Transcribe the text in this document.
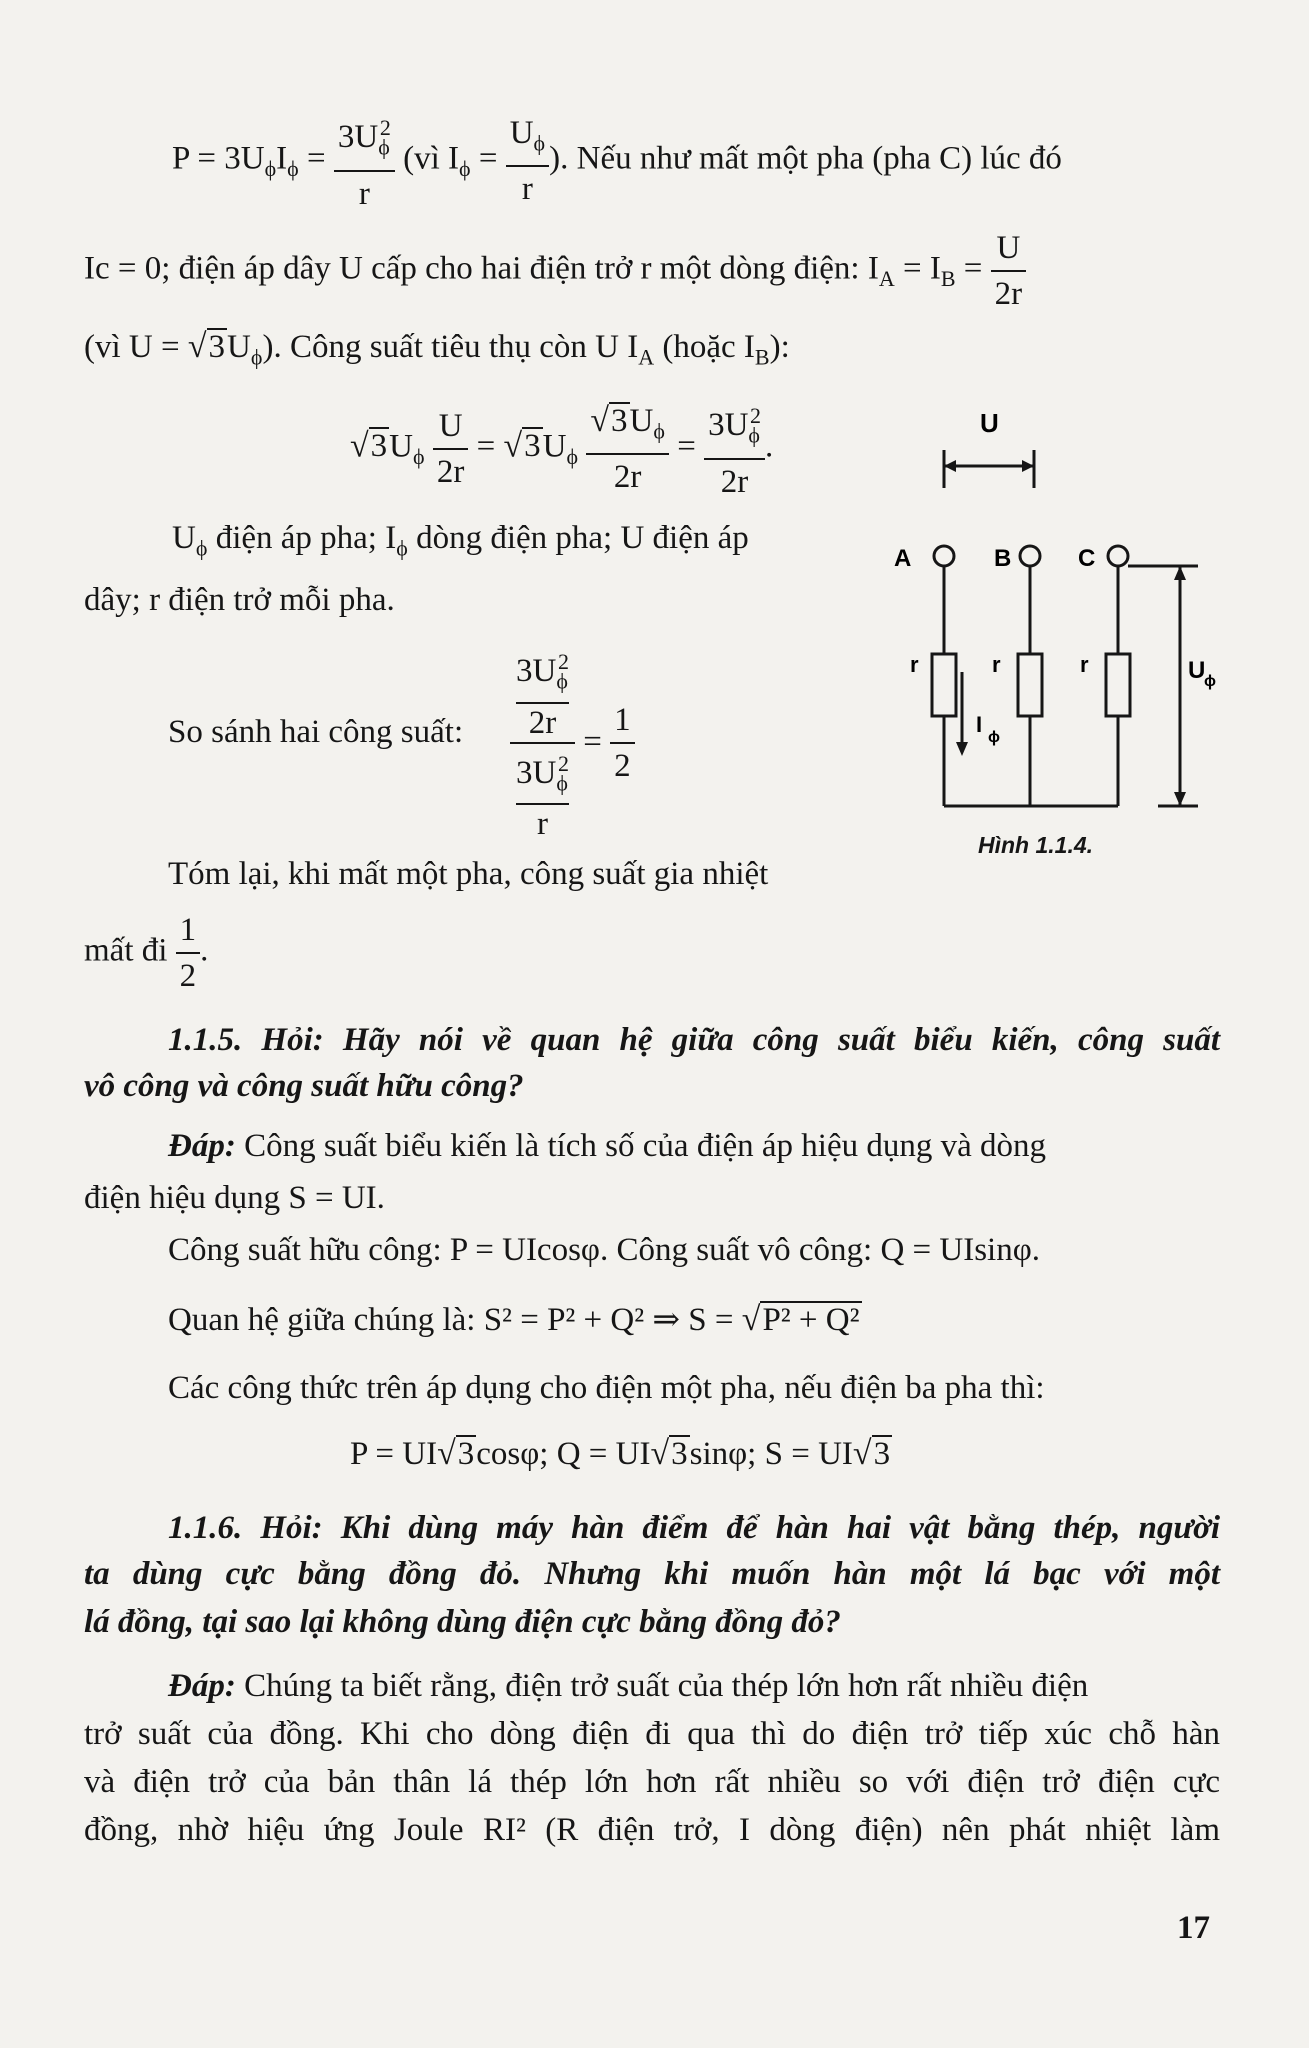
$P = 3U_\phi I_\phi = \frac{3U_\phi^2}{r}$ (vì $I_\phi = \frac{U_\phi}{r}$ ). Nếu như mất một pha (pha C) lúc đó
Ic = 0; điện áp dây U cấp cho hai điện trở r một dòng điện: $I_A = I_B = \frac{U}{2r}$
(vì $U = √3U_\phi$). Công suất tiêu thụ còn U $I_A$ (hoặc $I_B$):
$√3U_\phi \frac{U}{2r} = √3U_\phi \frac{√3U_\phi}{2r} = \frac{3U_\phi^2}{2r}$ .
$U_\phi$ điện áp pha; $I_\phi$ dòng điện pha; U điện áp
dây; r điện trở mỗi pha.
So sánh hai công suất: $3U_\phi^2$
2r
$3U_\phi^2$
$r = \frac{1}{2}$
Tóm lại, khi mất một pha, công suất gia nhiệt
mất đi $\frac{1}{2}$ .
U
A	B	C
r	r	r
I
ϕ
U
ϕ
Hình 1.1.4.
1.1.5. Hỏi: Hãy nói về quan hệ giữa công suất biểu kiến, công suất
vô công và công suất hữu công?
Đáp: Công suất biểu kiến là tích số của điện áp hiệu dụng và dòng
điện hiệu dụng S = UI.
Công suất hữu công: P = UIcosφ. Công suất vô công: Q = UIsinφ.
Quan hệ giữa chúng là: S² = P² + Q² ⇒ S = √P² + Q²
Các công thức trên áp dụng cho điện một pha, nếu điện ba pha thì:
P = UI√3cosφ; Q = UI√3sinφ; S = UI√3
1.1.6. Hỏi: Khi dùng máy hàn điểm để hàn hai vật bằng thép, người
ta dùng cực bằng đồng đỏ. Nhưng khi muốn hàn một lá bạc với một
lá đồng, tại sao lại không dùng điện cực bằng đồng đỏ?
Đáp: Chúng ta biết rằng, điện trở suất của thép lớn hơn rất nhiều điện
trở suất của đồng. Khi cho dòng điện đi qua thì do điện trở tiếp xúc chỗ hàn
và điện trở của bản thân lá thép lớn hơn rất nhiều so với điện trở điện cực
đồng, nhờ hiệu ứng Joule RI² (R điện trở, I dòng điện) nên phát nhiệt làm
17
